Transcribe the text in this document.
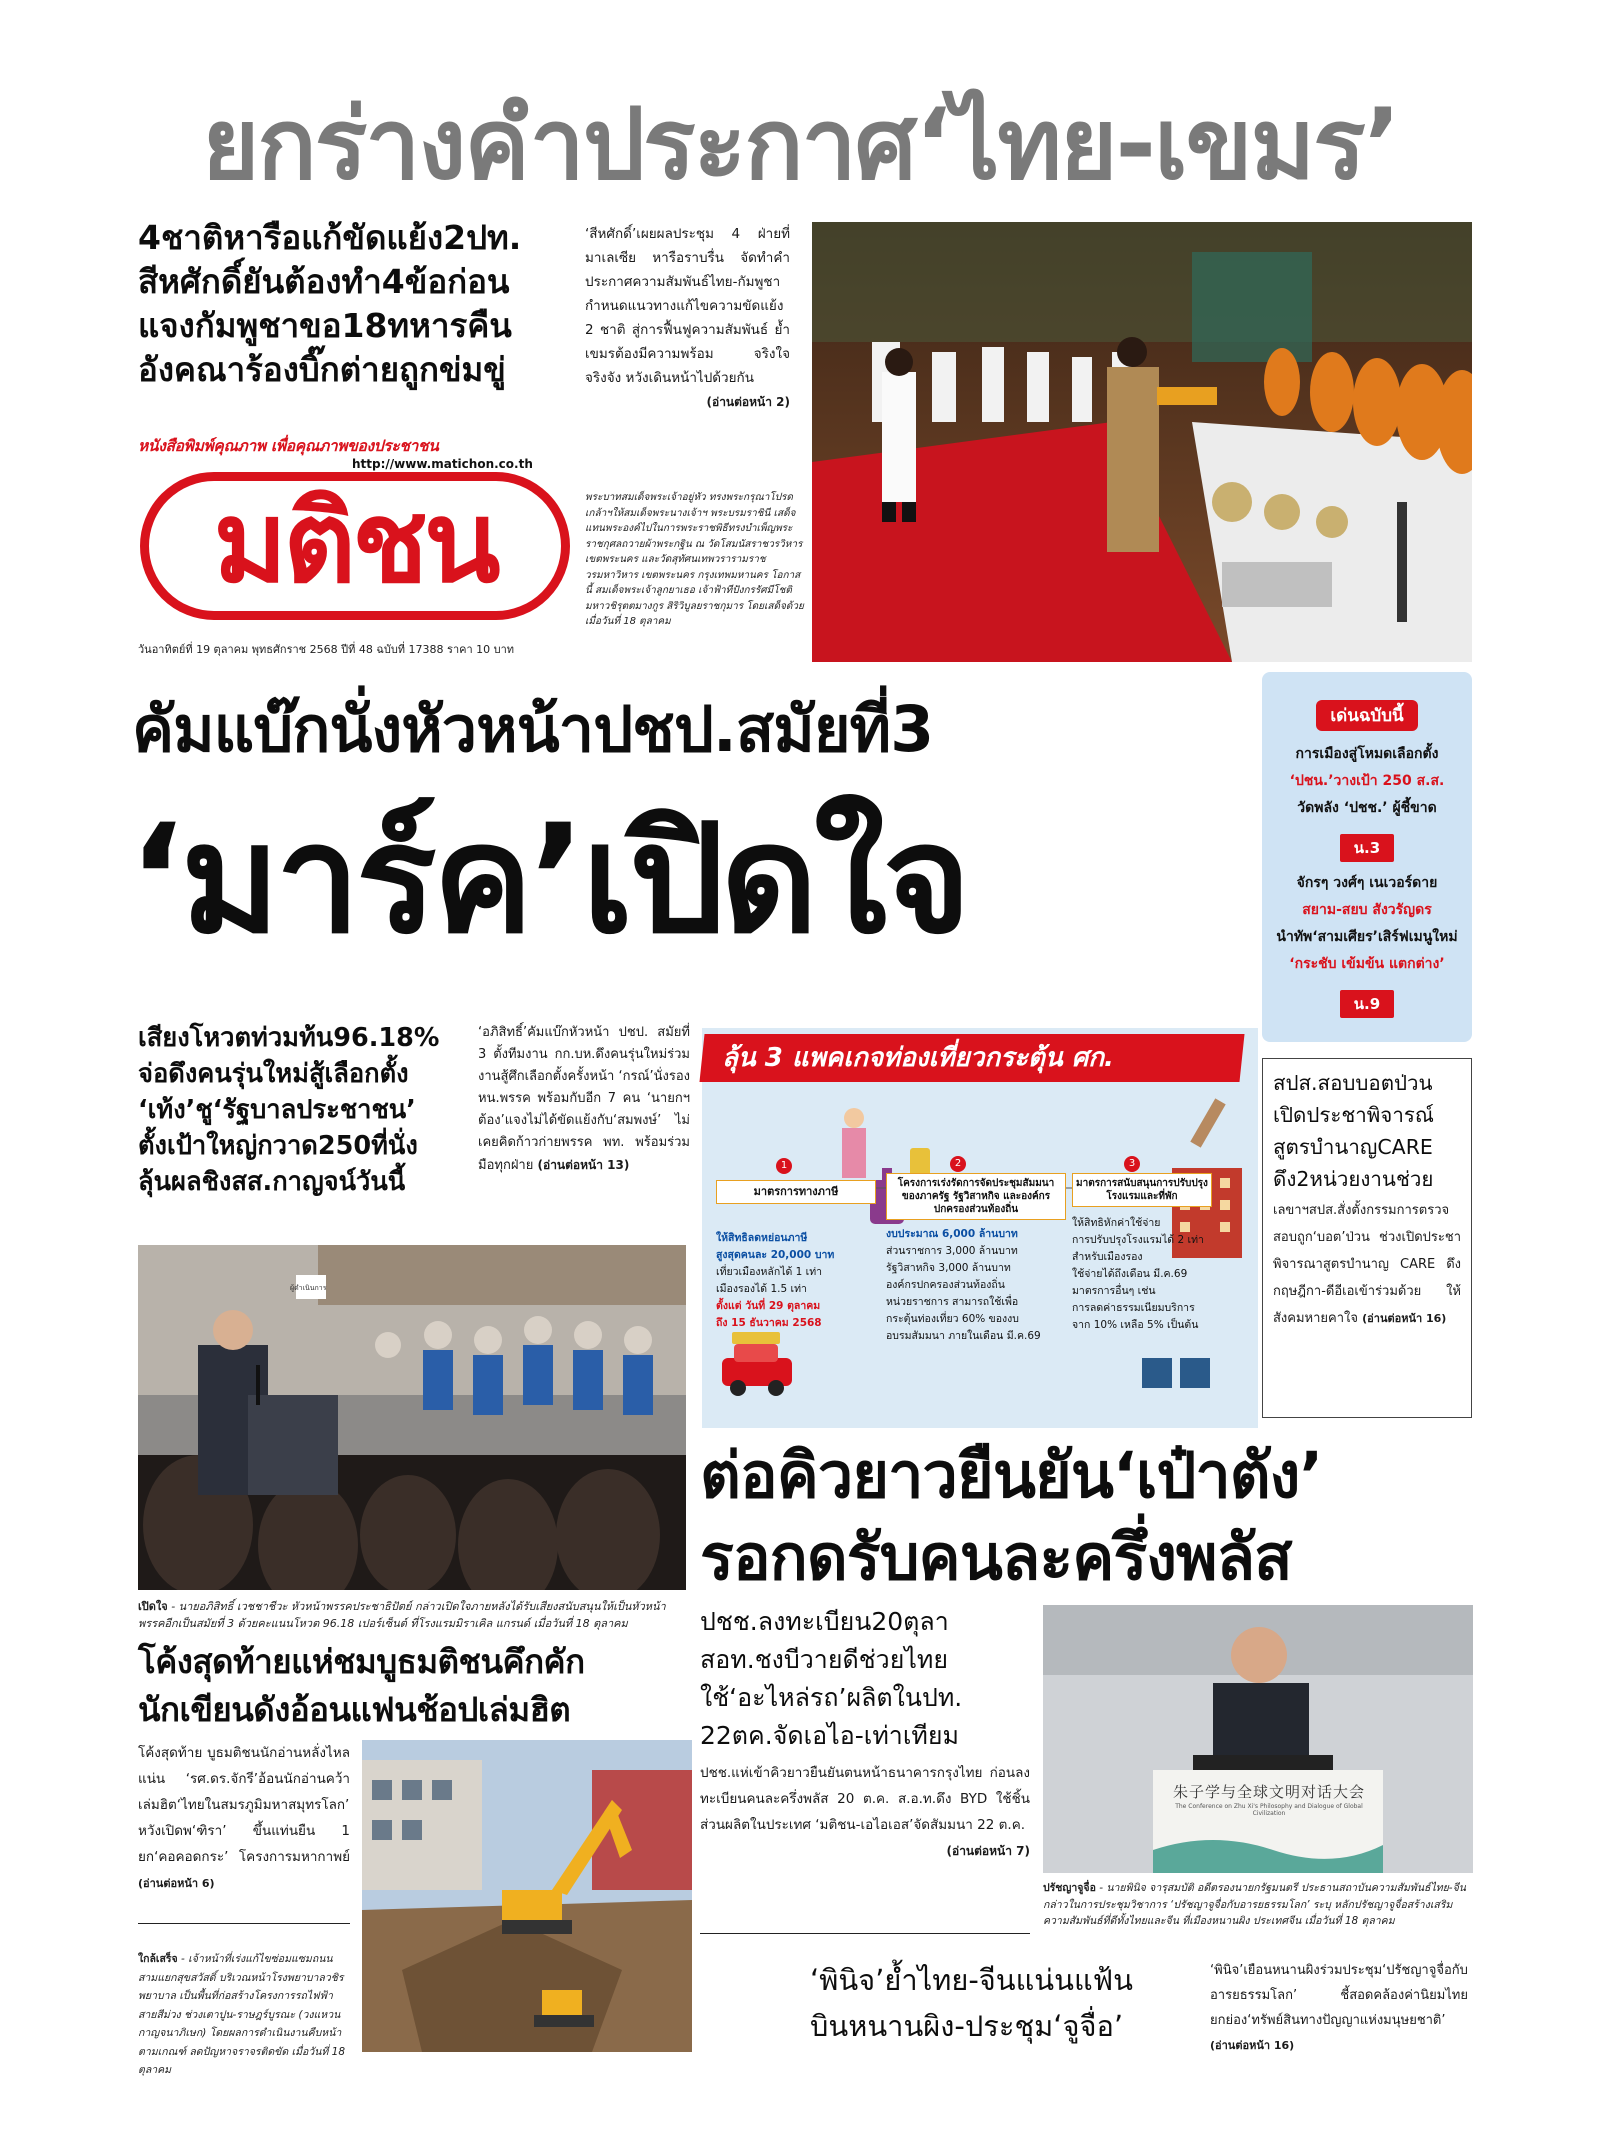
ยกร่างคำประกาศ‘ไทย-เขมร’
4ชาติหารือแก้ขัดแย้ง2ปท.
สีหศักดิ์ยันต้องทำ4ข้อก่อน
แจงกัมพูชาขอ18ทหารคืน
อังคณาร้องบิ๊กต่ายถูกข่มขู่
‘สีหศักดิ์’เผยผลประชุม 4 ฝ่ายที่มาเลเซีย หารือราบรื่น จัดทำคำประกาศความสัมพันธ์ไทย-กัมพูชา กำหนดแนวทางแก้ไขความขัดแย้ง 2 ชาติ สู่การฟื้นฟูความสัมพันธ์ ย้ำเขมรต้องมีความพร้อม จริงใจ จริงจัง หวังเดินหน้าไปด้วยกัน
(อ่านต่อหน้า 2)
หนังสือพิมพ์คุณภาพ เพื่อคุณภาพของประชาชน
http://www.matichon.co.th
มติชน
วันอาทิตย์ที่ 19 ตุลาคม พุทธศักราช 2568 ปีที่ 48 ฉบับที่ 17388 ราคา 10 บาท
พระบาทสมเด็จพระเจ้าอยู่หัว ทรงพระกรุณาโปรดเกล้าฯให้สมเด็จพระนางเจ้าฯ พระบรมราชินี เสด็จแทนพระองค์ไปในการพระราชพิธีทรงบำเพ็ญพระราชกุศลถวายผ้าพระกฐิน ณ วัดโสมนัสราชวรวิหาร เขตพระนคร และวัดสุทัศนเทพวรารามราชวรมหาวิหาร เขตพระนคร กรุงเทพมหานคร โอกาสนี้ สมเด็จพระเจ้าลูกยาเธอ เจ้าฟ้าทีปังกรรัศมีโชติ มหาวชิรุตตมางกูร สิริวิบูลยราชกุมาร โดยเสด็จด้วย เมื่อวันที่ 18 ตุลาคม
คัมแบ๊กนั่งหัวหน้าปชป.สมัยที่3
‘มาร์ค’เปิดใจ
เด่นฉบับนี้
การเมืองสู่โหมดเลือกตั้ง
‘ปชน.’วางเป้า 250 ส.ส.
วัดพลัง ‘ปชช.’ ผู้ชี้ขาด
น.3
จักรๆ วงศ์ๆ เนเวอร์ดาย
สยาม-สยบ สังวรัญดร
นำทัพ‘สามเศียร’เสิร์ฟเมนูใหม่
‘กระชับ เข้มข้น แตกต่าง’
น.9
เสียงโหวตท่วมท้น96.18%
จ่อดึงคนรุ่นใหม่สู้เลือกตั้ง
‘เท้ง’ชู‘รัฐบาลประชาชน’
ตั้งเป้าใหญ่กวาด250ที่นั่ง
ลุ้นผลชิงสส.กาญจน์วันนี้
‘อภิสิทธิ์’คัมแบ๊กหัวหน้า ปชป. สมัยที่ 3 ตั้งทีมงาน กก.บห.ดึงคนรุ่นใหม่ร่วมงานสู้ศึกเลือกตั้งครั้งหน้า ‘กรณ์’นั่งรอง หน.พรรค พร้อมกับอีก 7 คน ‘นายกฯต้อง’แจงไม่ได้ขัดแย้งกับ‘สมพงษ์’ ไม่เคยคิดก้าวก่ายพรรค พท. พร้อมร่วมมือทุกฝ่าย (อ่านต่อหน้า 13)
ลุ้น 3 แพคเกจท่องเที่ยวกระตุ้น ศก.
มาตรการทางภาษี
ให้สิทธิลดหย่อนภาษี
สูงสุดคนละ 20,000 บาท
เที่ยวเมืองหลักได้ 1 เท่า
เมืองรองได้ 1.5 เท่า
ตั้งแต่ วันที่ 29 ตุลาคม
ถึง 15 ธันวาคม 2568
โครงการเร่งรัดการจัดประชุมสัมมนาของภาครัฐ รัฐวิสาหกิจ และองค์กรปกครองส่วนท้องถิ่น
งบประมาณ 6,000 ล้านบาท
ส่วนราชการ 3,000 ล้านบาท
รัฐวิสาหกิจ 3,000 ล้านบาท
องค์กรปกครองส่วนท้องถิ่น
หน่วยราชการ สามารถใช้เพื่อ
กระตุ้นท่องเที่ยว 60% ของงบ
อบรมสัมมนา ภายในเดือน มี.ค.69
มาตรการสนับสนุนการปรับปรุงโรงแรมและที่พัก
ให้สิทธิหักค่าใช้จ่าย
การปรับปรุงโรงแรมได้ 2 เท่า
สำหรับเมืองรอง
ใช้จ่ายได้ถึงเดือน มี.ค.69
มาตรการอื่นๆ เช่น
การลดค่าธรรมเนียมบริการ
จาก 10% เหลือ 5% เป็นต้น
1	2	3
สปส.สอบบอตป่วน
เปิดประชาพิจารณ์
สูตรบำนาญCARE
ดึง2หน่วยงานช่วย
เลขาฯสปส.สั่งตั้งกรรมการตรวจสอบถูก‘บอต’ป่วน ช่วงเปิดประชาพิจารณาสูตรบำนาญ CARE ดึงกฤษฎีกา-ดีอีเอเข้าร่วมด้วย ให้สังคมหายคาใจ (อ่านต่อหน้า 16)
ผู้ดำเนินการ
เปิดใจ - นายอภิสิทธิ์ เวชชาชีวะ หัวหน้าพรรคประชาธิปัตย์ กล่าวเปิดใจภายหลังได้รับเสียงสนับสนุนให้เป็นหัวหน้าพรรคอีกเป็นสมัยที่ 3 ด้วยคะแนนโหวต 96.18 เปอร์เซ็นต์ ที่โรงแรมมิราเคิล แกรนด์ เมื่อวันที่ 18 ตุลาคม
ต่อคิวยาวยืนยัน‘เป๋าตัง’
รอกดรับคนละครึ่งพลัส
ปชช.ลงทะเบียน20ตุลา
สอท.ชงบีวายดีช่วยไทย
ใช้‘อะไหล่รถ’ผลิตในปท.
22ตค.จัดเอไอ-เท่าเทียม
ปชช.แห่เข้าคิวยาวยืนยันตนหน้าธนาคารกรุงไทย ก่อนลงทะเบียนคนละครึ่งพลัส 20 ต.ค. ส.อ.ท.ดึง BYD ใช้ชิ้นส่วนผลิตในประเทศ ‘มติชน-เอไอเอส’จัดสัมมนา 22 ต.ค.
(อ่านต่อหน้า 7)
朱子学与全球文明对话大会
The Conference on Zhu Xi's Philosophy and Dialogue of Global Civilization
ปรัชญาจูจื่อ - นายพินิจ จารุสมบัติ อดีตรองนายกรัฐมนตรี ประธานสถาบันความสัมพันธ์ไทย-จีน กล่าวในการประชุมวิชาการ ‘ปรัชญาจูจื่อกับอารยธรรมโลก’ ระบุ หลักปรัชญาจูจื่อสร้างเสริมความสัมพันธ์ที่ดีทั้งไทยและจีน ที่เมืองหนานผิง ประเทศจีน เมื่อวันที่ 18 ตุลาคม
โค้งสุดท้ายแห่ชมบูธมติชนคึกคัก
นักเขียนดังอ้อนแฟนช้อปเล่มฮิต
โค้งสุดท้าย บูธมติชนนักอ่านหลั่งไหลแน่น ‘รศ.ดร.จักรี’อ้อนนักอ่านคว้าเล่มฮิต‘ไทยในสมรภูมิมหาสมุทรโลก’ หวังเปิดพ‘ฑิรา’ ขึ้นแท่นยืน 1 ยก‘คอคอดกระ’ โครงการมหากาพย์ (อ่านต่อหน้า 6)
ใกล้เสร็จ - เจ้าหน้าที่เร่งแก้ไขซ่อมแซมถนนสามแยกสุขสวัสดิ์ บริเวณหน้าโรงพยาบาลวชิรพยาบาล เป็นพื้นที่ก่อสร้างโครงการรถไฟฟ้าสายสีม่วง ช่วงเตาปูน-ราษฎร์บูรณะ (วงแหวนกาญจนาภิเษก) โดยผลการดำเนินงานคืบหน้าตามเกณฑ์ ลดปัญหาจราจรติดขัด เมื่อวันที่ 18 ตุลาคม
‘พินิจ’ย้ำไทย-จีนแน่นแฟ้น
บินหนานผิง-ประชุม‘จูจื่อ’
‘พินิจ’เยือนหนานผิงร่วมประชุม‘ปรัชญาจูจื่อกับอารยธรรมโลก’ ชี้สอดคล้องค่านิยมไทยยกย่อง‘ทรัพย์สินทางปัญญาแห่งมนุษยชาติ’ (อ่านต่อหน้า 16)
